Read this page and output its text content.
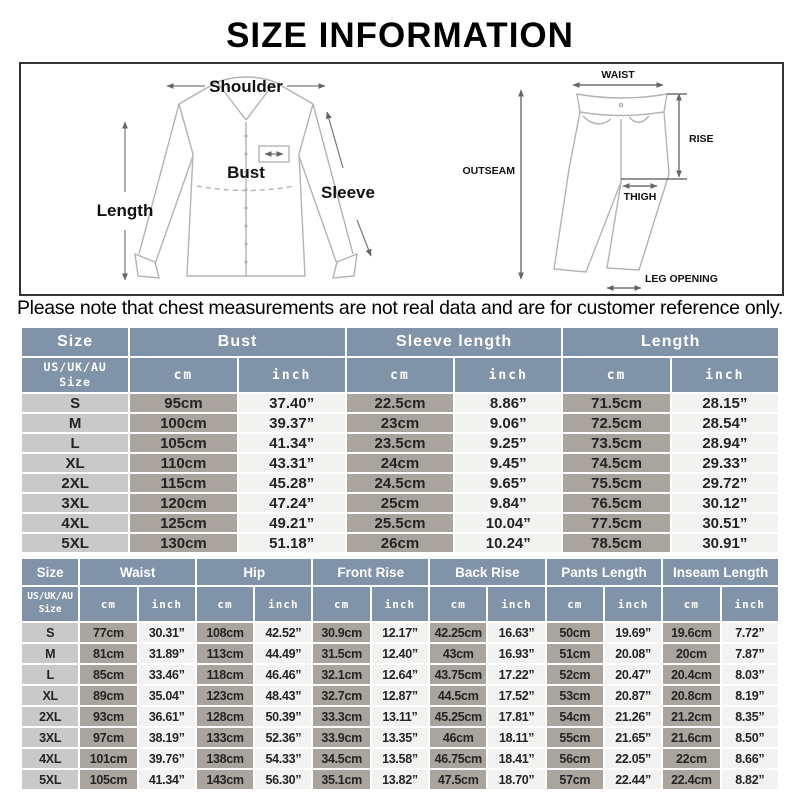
SIZE INFORMATION
Shoulder
Length
Bust
Sleeve
WAIST
RISE
OUTSEAM
THIGH
LEG OPENING
Please note that chest measurements are not real data and are for customer reference only.
Size	Bust		Sleeve length		Length	

US/UK/AU
Size	cm	inch	cm	inch	cm	inch
S	95cm	37.40”	22.5cm	8.86”	71.5cm	28.15”
M	100cm	39.37”	23cm	9.06”	72.5cm	28.54”
L	105cm	41.34”	23.5cm	9.25”	73.5cm	28.94”
XL	110cm	43.31”	24cm	9.45”	74.5cm	29.33”
2XL	115cm	45.28”	24.5cm	9.65”	75.5cm	29.72”
3XL	120cm	47.24”	25cm	9.84”	76.5cm	30.12”
4XL	125cm	49.21”	25.5cm	10.04”	77.5cm	30.51”
5XL	130cm	51.18”	26cm	10.24”	78.5cm	30.91”
Size	Waist		Hip		Front Rise		Back Rise		Pants Length		Inseam Length	

US/UK/AU
Size	cm	inch	cm	inch	cm	inch	cm	inch	cm	inch	cm	inch
S	77cm	30.31”	108cm	42.52”	30.9cm	12.17”	42.25cm	16.63”	50cm	19.69”	19.6cm	7.72”
M	81cm	31.89”	113cm	44.49”	31.5cm	12.40”	43cm	16.93”	51cm	20.08”	20cm	7.87”
L	85cm	33.46”	118cm	46.46”	32.1cm	12.64”	43.75cm	17.22”	52cm	20.47”	20.4cm	8.03”
XL	89cm	35.04”	123cm	48.43”	32.7cm	12.87”	44.5cm	17.52”	53cm	20.87”	20.8cm	8.19”
2XL	93cm	36.61”	128cm	50.39”	33.3cm	13.11”	45.25cm	17.81”	54cm	21.26”	21.2cm	8.35”
3XL	97cm	38.19”	133cm	52.36”	33.9cm	13.35”	46cm	18.11”	55cm	21.65”	21.6cm	8.50”
4XL	101cm	39.76”	138cm	54.33”	34.5cm	13.58”	46.75cm	18.41”	56cm	22.05”	22cm	8.66”
5XL	105cm	41.34”	143cm	56.30”	35.1cm	13.82”	47.5cm	18.70”	57cm	22.44”	22.4cm	8.82”
